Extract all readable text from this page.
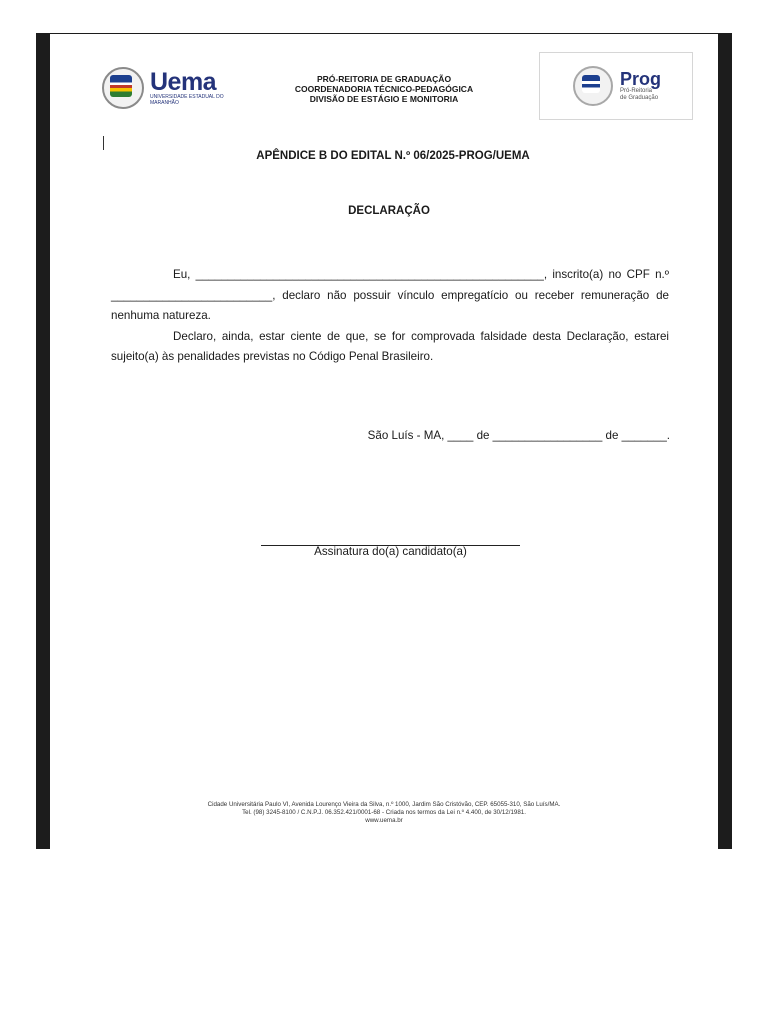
Uema
UNIVERSIDADE ESTADUAL DO MARANHÃO
PRÓ-REITORIA DE GRADUAÇÃO
COORDENADORIA TÉCNICO-PEDAGÓGICA
DIVISÃO DE ESTÁGIO E MONITORIA
Prog
Pró-Reitoria
de Graduação
APÊNDICE B DO EDITAL N.º 06/2025-PROG/UEMA
DECLARAÇÃO

Eu, ______________________________________________________, inscrito(a) no CPF n.º _________________________, declaro não possuir vínculo empregatício ou receber remuneração de nenhuma natureza.

Declaro, ainda, estar ciente de que, se for comprovada falsidade desta Declaração, estarei sujeito(a) às penalidades previstas no Código Penal Brasileiro.

São Luís - MA, ____ de _________________ de _______.
Assinatura do(a) candidato(a)
Cidade Universitária Paulo VI, Avenida Lourenço Vieira da Silva, n.º 1000, Jardim São Cristóvão, CEP. 65055-310, São Luís/MA.
Tel. (98) 3245-8100 / C.N.P.J. 06.352.421/0001-68 - Criada nos termos da Lei n.º 4.400, de 30/12/1981.
www.uema.br
